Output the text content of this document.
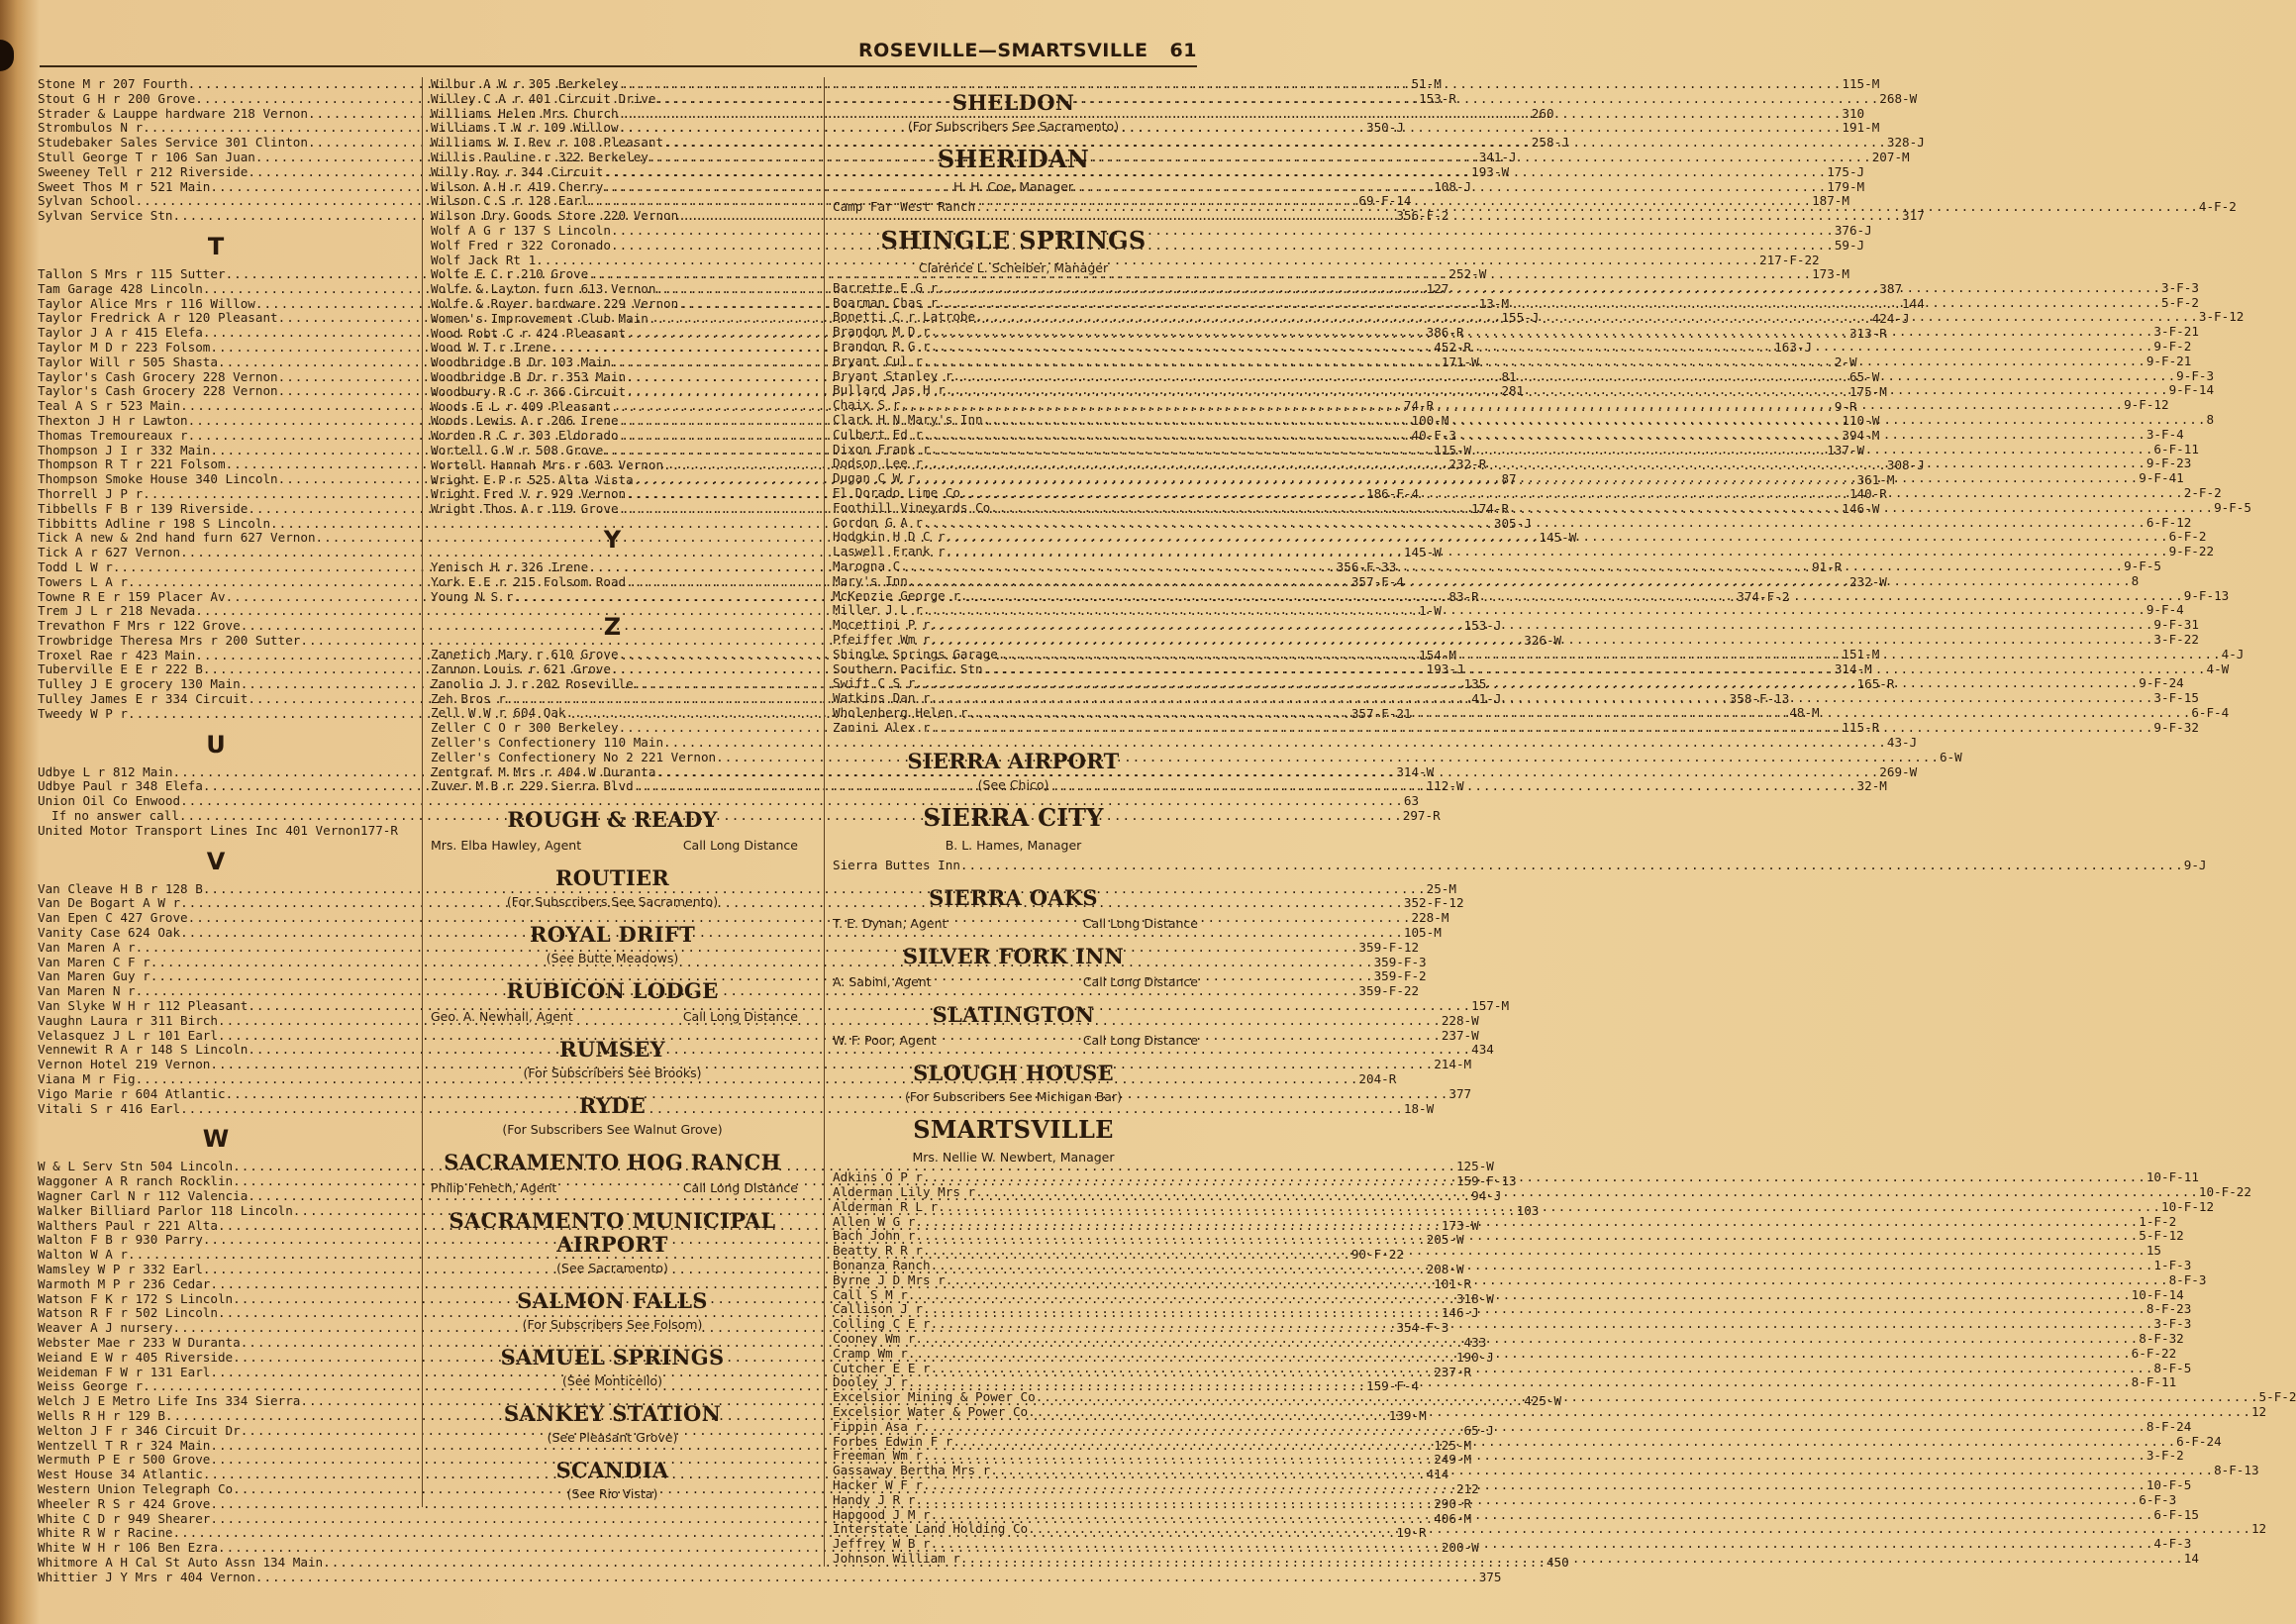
ROSEVILLE—SMARTSVILLE 61
Stone M r 207 Fourth .....	51-M
Stout G H r 200 Grove .....	153-R
Strader & Lauppe hardware 218 Vernon .....	260
Strombulos N r .....	350-J
Studebaker Sales Service 301 Clinton .....	258-J
Stull George T r 106 San Juan .....	341-J
Sweeney Tell r 212 Riverside .....	193-W
Sweet Thos M r 521 Main .....	108-J
Sylvan School .....	69-F-14
Sylvan Service Stn .....	356-F-2
T
Tallon S Mrs r 115 Sutter .....	252-W
Tam Garage 428 Lincoln .....	127
Taylor Alice Mrs r 116 Willow .....	13-M
Taylor Fredrick A r 120 Pleasant .....	155-J
Taylor J A r 415 Elefa .....	386-R
Taylor M D r 223 Folsom .....	452-R
Taylor Will r 505 Shasta .....	171-W
Taylor's Cash Grocery 228 Vernon .....	81
Taylor's Cash Grocery 228 Vernon .....	281
Teal A S r 523 Main .....	74-R
Thexton J H r Lawton .....	100-M
Thomas Tremoureaux r .....	40-F-3
Thompson J I r 332 Main .....	115-W
Thompson R T r 221 Folsom .....	232-R
Thompson Smoke House 340 Lincoln .....	87
Thorrell J P r .....	186-F-4
Tibbells F B r 139 Riverside .....	174-R
Tibbitts Adline r 198 S Lincoln .....	305-J
Tick A new & 2nd hand furn 627 Vernon .....	145-W
Tick A r 627 Vernon .....	145-W
Todd L W r .....	356-F-33
Towers L A r .....	357-F-4
Towne R E r 159 Placer Av .....	83-R
Trem J L r 218 Nevada .....	1-W
Trevathon F Mrs r 122 Grove .....	153-J
Trowbridge Theresa Mrs r 200 Sutter .....	326-W
Troxel Rae r 423 Main .....	154-M
Tuberville E E r 222 B .....	193-J
Tulley J E grocery 130 Main .....	135
Tulley James E r 334 Circuit .....	41-J
Tweedy W P r .....	357-F-21
U
Udbye L r 812 Main .....	314-W
Udbye Paul r 348 Elefa .....	112-W
Union Oil Co Enwood .....	63
If no answer call .....	297-R
United Motor Transport Lines Inc 401 Vernon 177-R
V
Van Cleave H B r 128 B .....	25-M
Van De Bogart A W r .....	352-F-12
Van Epen C 427 Grove .....	228-M
Vanity Case 624 Oak .....	105-M
Van Maren A r .....	359-F-12
Van Maren C F r .....	359-F-3
Van Maren Guy r .....	359-F-2
Van Maren N r .....	359-F-22
Van Slyke W H r 112 Pleasant .....	157-M
Vaughn Laura r 311 Birch .....	228-W
Velasquez J L r 101 Earl .....	237-W
Vennewit R A r 148 S Lincoln .....	434
Vernon Hotel 219 Vernon .....	214-M
Viana M r Fig .....	204-R
Vigo Marie r 604 Atlantic .....	377
Vitali S r 416 Earl .....	18-W
W
W & L Serv Stn 504 Lincoln .....	125-W
Waggoner A R ranch Rocklin .....	159-F-13
Wagner Carl N r 112 Valencia .....	94-J
Walker Billiard Parlor 118 Lincoln .....	103
Walthers Paul r 221 Alta .....	173-W
Walton F B r 930 Parry .....	205-W
Walton W A r .....	90-F-22
Wamsley W P r 332 Earl .....	208-W
Warmoth M P r 236 Cedar .....	101-R
Watson F K r 172 S Lincoln .....	318-W
Watson R F r 502 Lincoln .....	146-J
Weaver A J nursery .....	354-F-3
Webster Mae r 233 W Duranta .....	433
Weiand E W r 405 Riverside .....	190-J
Weideman F W r 131 Earl .....	237-R
Weiss George r .....	159-F-4
Welch J E Metro Life Ins 334 Sierra .....	425-W
Wells R H r 129 B .....	139-M
Welton J F r 346 Circuit Dr .....	65-J
Wentzell T R r 324 Main .....	125-M
Wermuth P E r 500 Grove .....	249-M
West House 34 Atlantic .....	414
Western Union Telegraph Co .....	212
Wheeler R S r 424 Grove .....	290-R
White C D r 949 Shearer .....	406-M
White R W r Racine .....	19-R
White W H r 106 Ben Ezra .....	200-W
Whitmore A H Cal St Auto Assn 134 Main .....	450
Whittier J Y Mrs r 404 Vernon .....	375
Wilbur A W r 305 Berkeley .....	115-M
Willey C A r 401 Circuit Drive .....	268-W
Williams Helen Mrs Church .....	310
Williams T W r 109 Willow .....	191-M
Williams W I Rev r 108 Pleasant .....	328-J
Willis Pauline r 322 Berkeley .....	207-M
Willy Roy r 344 Circuit .....	175-J
Wilson A H r 419 Cherry .....	179-M
Wilson C S r 128 Earl .....	187-M
Wilson Dry Goods Store 220 Vernon .....	317
Wolf A G r 137 S Lincoln .....	376-J
Wolf Fred r 322 Coronado .....	59-J
Wolf Jack Rt 1 .....	217-F-22
Wolfe E C r 210 Grove .....	173-M
Wolfe & Layton furn 613 Vernon .....	387
Wolfe & Royer hardware 229 Vernon .....	144
Women's Improvement Club Main .....	424-J
Wood Robt C r 424 Pleasant .....	313-R
Wood W T r Irene .....	163-J
Woodbridge B Dr 103 Main .....	2-W
Woodbridge B Dr r 353 Main .....	65-W
Woodbury R C r 366 Circuit .....	175-M
Woods E L r 409 Pleasant .....	9-R
Woods Lewis A r 206 Irene .....	110-W
Worden R C r 303 Eldorado .....	394-M
Wortell G W r 508 Grove .....	137-W
Wortell Hannah Mrs r 603 Vernon .....	308-J
Wright E P r 525 Alta Vista .....	361-M
Wright Fred V r 929 Vernon .....	140-R
Wright Thos A r 119 Grove .....	146-W
Y
Yenisch H r 326 Irene .....	91-R
York E E r 215 Folsom Road .....	232-W
Young N S r .....	374-F-2
Z
Zanetich Mary r 610 Grove .....	151-M
Zannon Louis r 621 Grove .....	314-M
Zanolio J J r 202 Roseville .....	165-R
Zeh Bros r .....	358-F-13
Zell W W r 604 Oak .....	48-M
Zeller C O r 300 Berkeley .....	115-R
Zeller's Confectionery 110 Main .....	43-J
Zeller's Confectionery No 2 221 Vernon .....	6-W
Zentgraf M Mrs r 404 W Duranta .....	269-W
Zuver M B r 229 Sierra Blvd .....	32-M
ROUGH & READY
Mrs. Elba Hawley, Agent	Call Long Distance
ROUTIER
(For Subscribers See Sacramento)
ROYAL DRIFT
(See Butte Meadows)
RUBICON LODGE
Geo. A. Newhall, Agent	Call Long Distance
RUMSEY
(For Subscribers See Brooks)
RYDE
(For Subscribers See Walnut Grove)
SACRAMENTO HOG RANCH
Philip Fenech, Agent	Call Long Distance
SACRAMENTO MUNICIPAL AIRPORT
(See Sacramento)
SALMON FALLS
(For Subscribers See Folsom)
SAMUEL SPRINGS
(See Monticello)
SANKEY STATION
(See Pleasant Grove)
SCANDIA
(See Rio Vista)
SHELDON
(For Subscribers See Sacramento)
SHERIDAN
H. H. Coe, Manager
Camp Far West Ranch .....	4-F-2
SHINGLE SPRINGS
Clarence L. Scheiber, Manager
Barrette E G r .....	3-F-3
Boarman Chas r .....	5-F-2
Bonetti C r Latrobe .....	3-F-12
Brandon M D r .....	3-F-21
Brandon R G r .....	9-F-2
Bryant Cul r .....	9-F-21
Bryant Stanley r .....	9-F-3
Bullard Jas H r .....	9-F-14
Chaix S r .....	9-F-12
Clark H N Mary's Inn .....	8
Culbert Ed r .....	3-F-4
Dixon Frank r .....	6-F-11
Dodson Lee r .....	9-F-23
Dugan C W r .....	9-F-41
El Dorado Lime Co .....	2-F-2
Foothill Vineyards Co .....	9-F-5
Gordon G A r .....	6-F-12
Hodgkin H D C r .....	6-F-2
Laswell Frank r .....	9-F-22
Marogna C .....	9-F-5
Mary's Inn .....	8
McKenzie George r .....	9-F-13
Miller J L r .....	9-F-4
Mocettini P r .....	9-F-31
Pfeiffer Wm r .....	3-F-22
Shingle Springs Garage .....	4-J
Southern Pacific Stn .....	4-W
Swift C S r .....	9-F-24
Watkins Dan r .....	3-F-15
Wholenberg Helen r .....	6-F-4
Zanini Alex r .....	9-F-32
SIERRA AIRPORT
(See Chico)
SIERRA CITY
B. L. Hames, Manager
Sierra Buttes Inn .....	9-J
SIERRA OAKS
T. E. Dynan, Agent	Call Long Distance
SILVER FORK INN
A. Sabini, Agent	Call Long Distance
SLATINGTON
W. F. Poor, Agent	Call Long Distance
SLOUGH HOUSE
(For Subscribers See Michigan Bar)
SMARTSVILLE
Mrs. Nellie W. Newbert, Manager
Adkins O P r .....	10-F-11
Alderman Lily Mrs r .....	10-F-22
Alderman R L r .....	10-F-12
Allen W G r .....	1-F-2
Bach John r .....	5-F-12
Beatty R R r .....	15
Bonanza Ranch .....	1-F-3
Byrne J D Mrs r .....	8-F-3
Call S M r .....	10-F-14
Callison J r .....	8-F-23
Colling C E r .....	3-F-3
Cooney Wm r .....	8-F-32
Cramp Wm r .....	6-F-22
Cutcher E E r .....	8-F-5
Dooley J r .....	8-F-11
Excelsior Mining & Power Co .....	5-F-2
Excelsior Water & Power Co .....	12
Fippin Asa r .....	8-F-24
Forbes Edwin F r .....	6-F-24
Freeman Wm r .....	3-F-2
Gassaway Bertha Mrs r .....	8-F-13
Hacker W F r .....	10-F-5
Handy J R r .....	6-F-3
Hapgood J M r .....	6-F-15
Interstate Land Holding Co .....	12
Jeffrey W B r .....	4-F-3
Johnson William r .....	14
